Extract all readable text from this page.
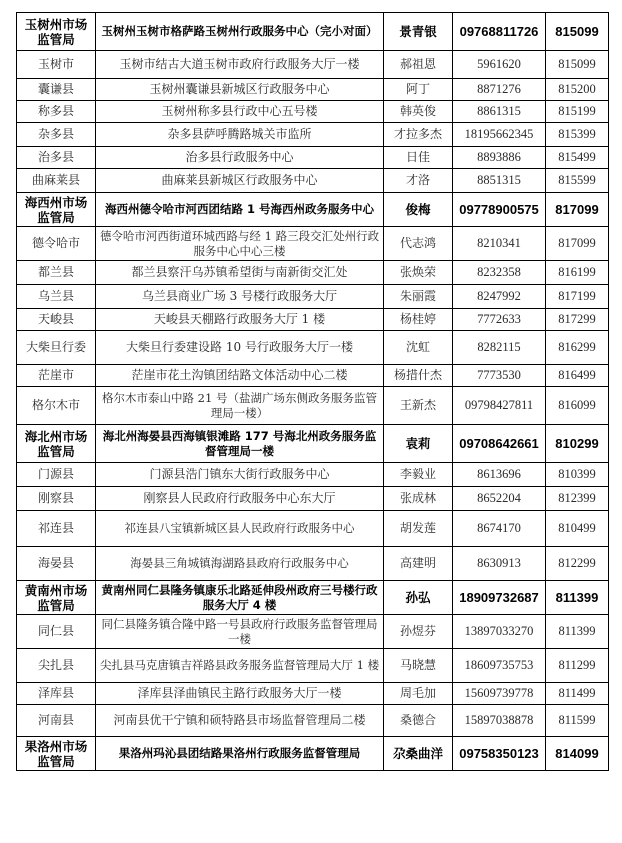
玉树州市场监管局	玉树州玉树市格萨路玉树州行政服务中心（完小对面）	景青银	09768811726	815099
玉树市	玉树市结古大道玉树市政府行政服务大厅一楼	郝祖恩	5961620	815099
囊谦县	玉树州囊谦县新城区行政服务中心	阿丁	8871276	815200
称多县	玉树州称多县行政中心五号楼	韩英俊	8861315	815199
杂多县	杂多县萨呼腾路城关市监所	才拉多杰	18195662345	815399
治多县	治多县行政服务中心	日佳	8893886	815499
曲麻莱县	曲麻莱县新城区行政服务中心	才洛	8851315	815599
海西州市场监管局	海西州德令哈市河西团结路 1 号海西州政务服务中心	俊梅	09778900575	817099
德令哈市	德令哈市河西街道环城西路与经 1 路三段交汇处州行政服务中心中心三楼	代志鸿	8210341	817099
都兰县	都兰县察汗乌苏镇希望街与南新街交汇处	张焕荣	8232358	816199
乌兰县	乌兰县商业广场 3 号楼行政服务大厅	朱丽霞	8247992	817199
天峻县	天峻县天棚路行政服务大厅 1 楼	杨桂婷	7772633	817299
大柴旦行委	大柴旦行委建设路 10 号行政服务大厅一楼	沈虹	8282115	816299
茫崖市	茫崖市花土沟镇团结路文体活动中心二楼	杨措什杰	7773530	816499
格尔木市	格尔木市泰山中路 21 号（盐湖广场东侧政务服务监管理局一楼）	王新杰	09798427811	816099
海北州市场监管局	海北州海晏县西海镇银滩路 177 号海北州政务服务监督管理局一楼	袁莉	09708642661	810299
门源县	门源县浩门镇东大街行政服务中心	李毅业	8613696	810399
刚察县	刚察县人民政府行政服务中心东大厅	张成林	8652204	812399
祁连县	祁连县八宝镇新城区县人民政府行政服务中心	胡发莲	8674170	810499
海晏县	海晏县三角城镇海湖路县政府行政服务中心	高建明	8630913	812299
黄南州市场监管局	黄南州同仁县隆务镇康乐北路延伸段州政府三号楼行政服务大厅 4 楼	孙弘	18909732687	811399
同仁县	同仁县隆务镇合隆中路一号县政府行政服务监督管理局一楼	孙煜芬	13897033270	811399
尖扎县	尖扎县马克唐镇吉祥路县政务服务监督管理局大厅 1 楼	马晓慧	18609735753	811299
泽库县	泽库县泽曲镇民主路行政服务大厅一楼	周毛加	15609739778	811499
河南县	河南县优干宁镇和硕特路县市场监督管理局二楼	桑德合	15897038878	811599
果洛州市场监管局	果洛州玛沁县团结路果洛州行政服务监督管理局	尕桑曲洋	09758350123	814099
